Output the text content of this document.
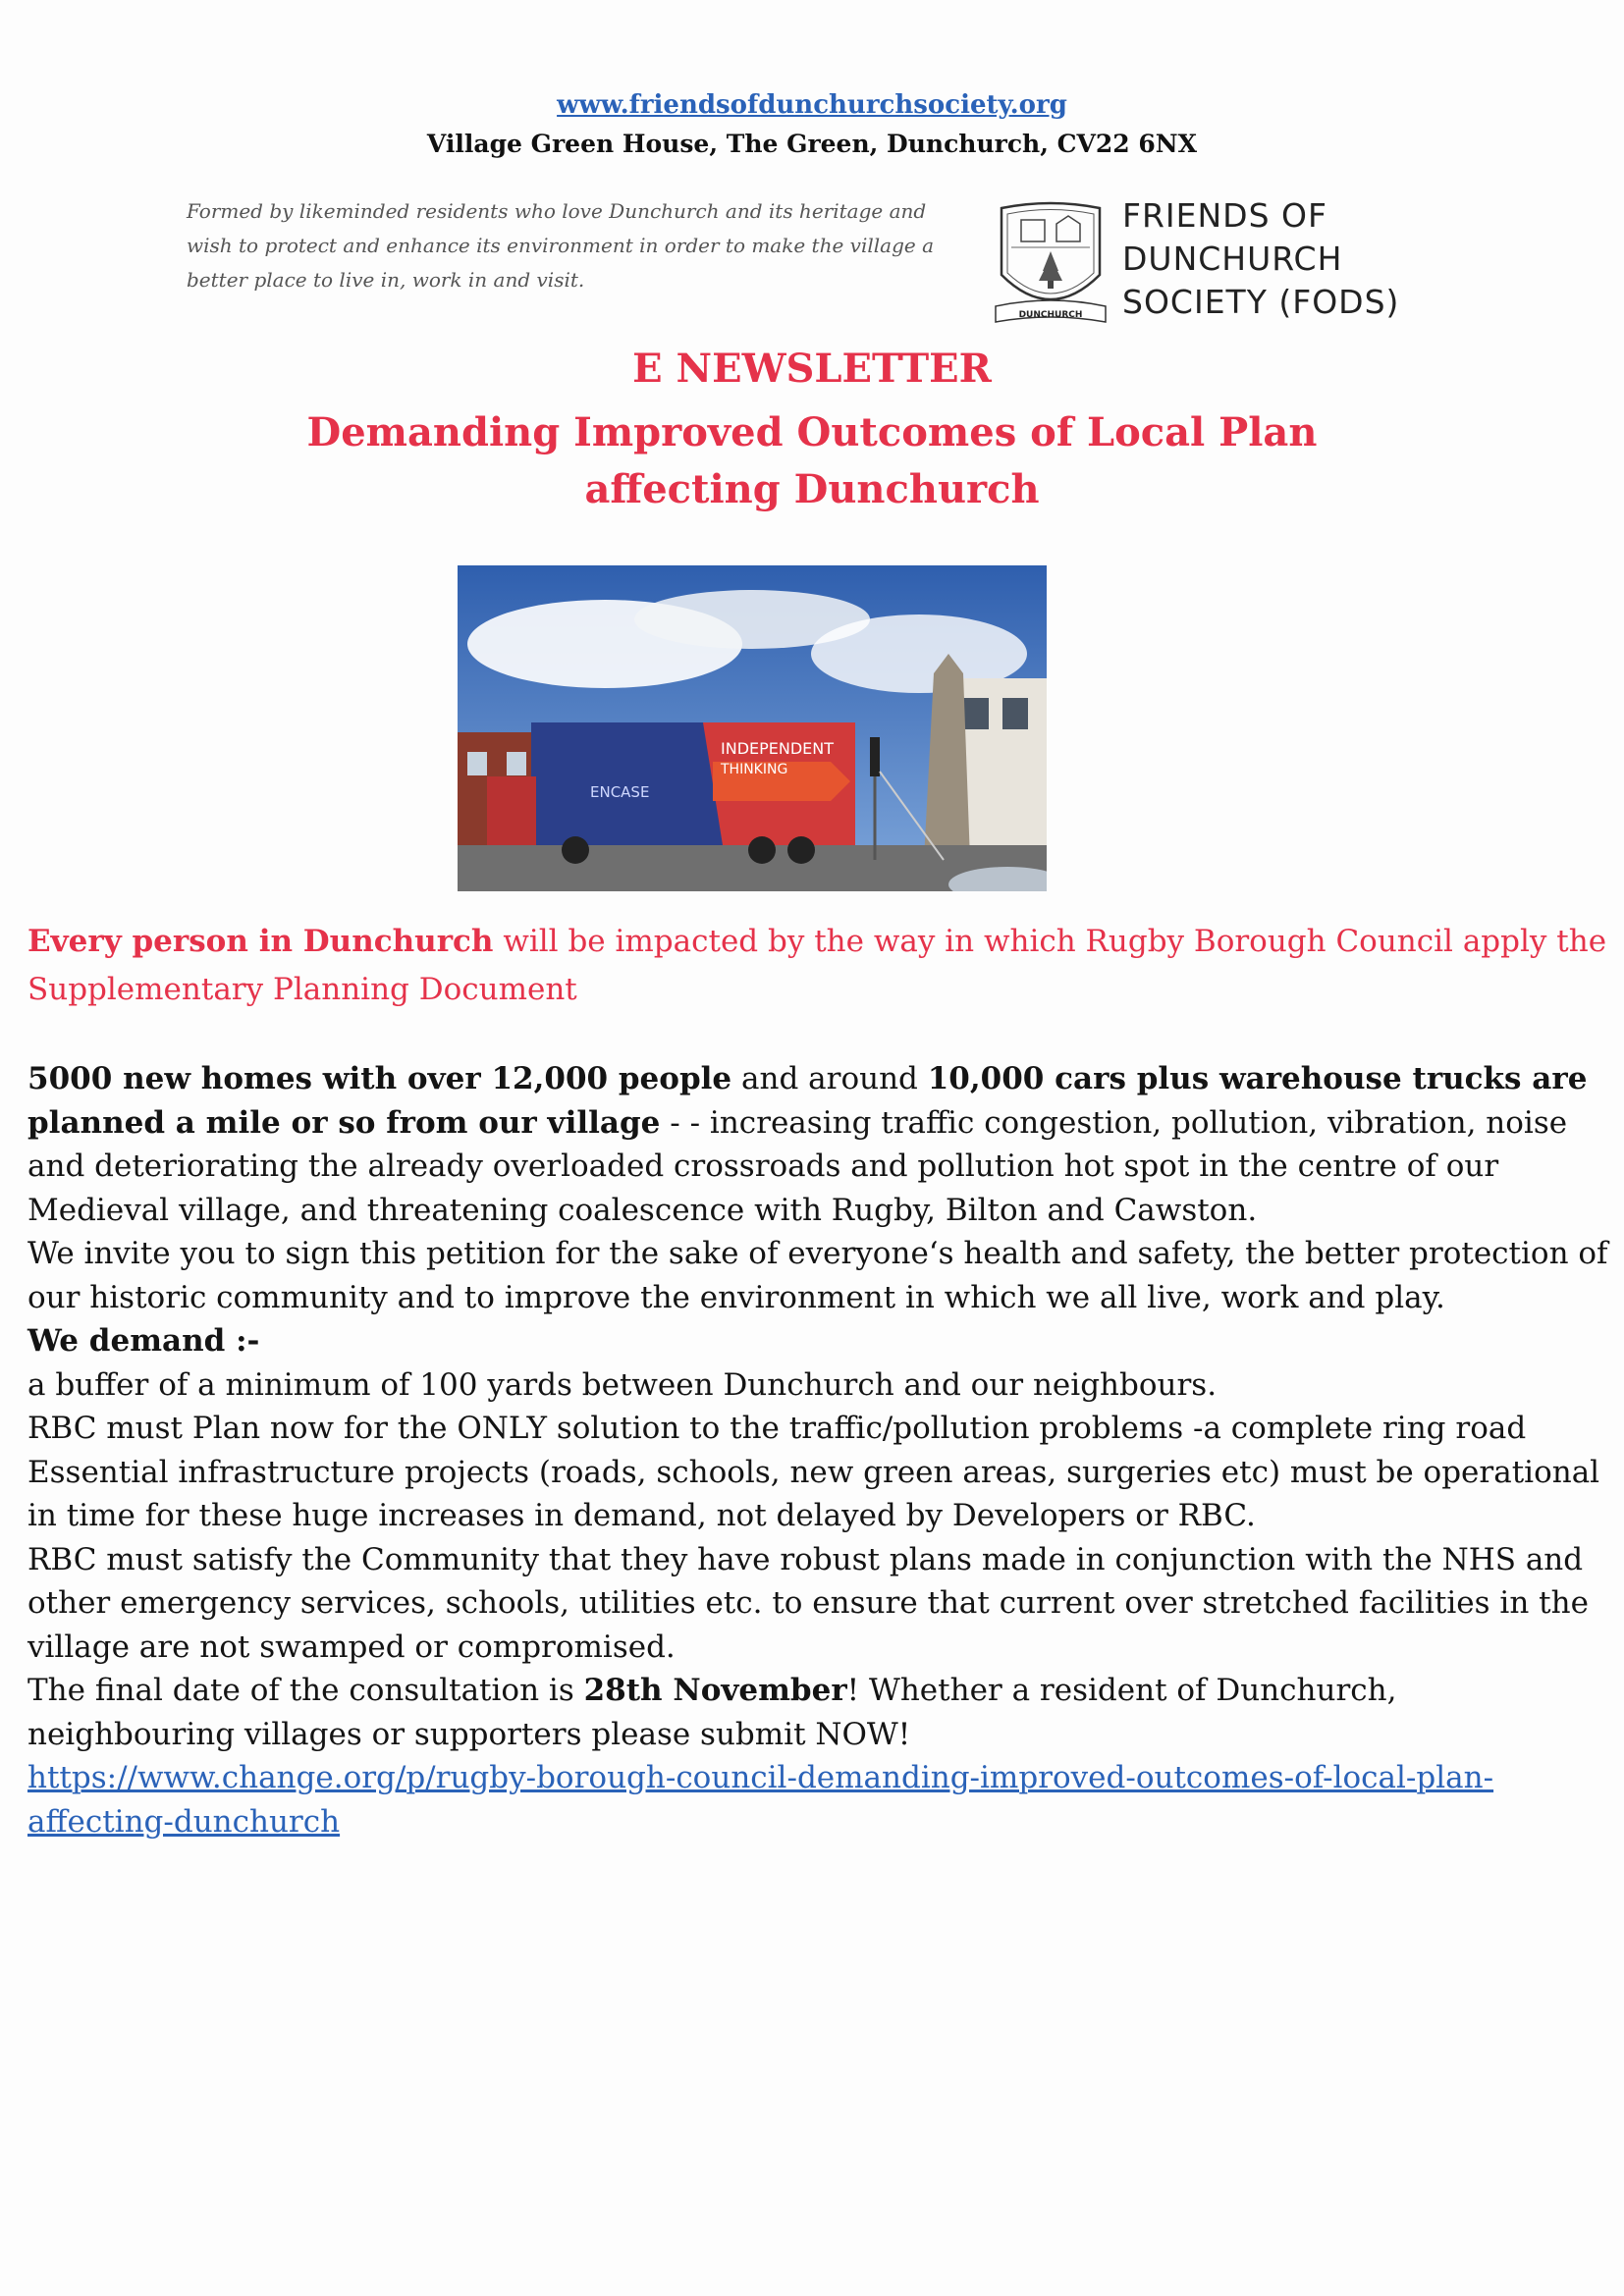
www.friendsofdunchurchsociety.org
Village Green House, The Green, Dunchurch, CV22 6NX
Formed by likeminded residents who love Dunchurch and its heritage and wish to protect and enhance its environment in order to make the village a better place to live in, work in and visit.
DUNCHURCH
FRIENDS OF
DUNCHURCH
SOCIETY (FODS)
E NEWSLETTER
Demanding Improved Outcomes of Local Plan
affecting Dunchurch
INDEPENDENT
THINKING
ENCASE
Every person in Dunchurch will be impacted by the way in which Rugby Borough Council apply the Supplementary Planning Document

5000 new homes with over 12,000 people and around 10,000 cars plus warehouse trucks are planned a mile or so from our village - - increasing traffic congestion, pollution, vibration, noise and deteriorating the already overloaded crossroads and pollution hot spot in the centre of our Medieval village, and threatening coalescence with Rugby, Bilton and Cawston.

We invite you to sign this petition for the sake of everyone‘s health and safety, the better protection of our historic community and to improve the environment in which we all live, work and play.

We demand :-

a buffer of a minimum of 100 yards between Dunchurch and our neighbours.

RBC must Plan now for the ONLY solution to the traffic/pollution problems -a complete ring road

Essential infrastructure projects (roads, schools, new green areas, surgeries etc) must be operational in time for these huge increases in demand, not delayed by Developers or RBC.

RBC must satisfy the Community that they have robust plans made in conjunction with the NHS and other emergency services, schools, utilities etc. to ensure that current over stretched facilities in the village are not swamped or compromised.

The final date of the consultation is 28th November! Whether a resident of Dunchurch, neighbouring villages or supporters please submit NOW!

https://www.change.org/p/rugby-borough-council-demanding-improved-outcomes-of-local-plan-affecting-dunchurch
